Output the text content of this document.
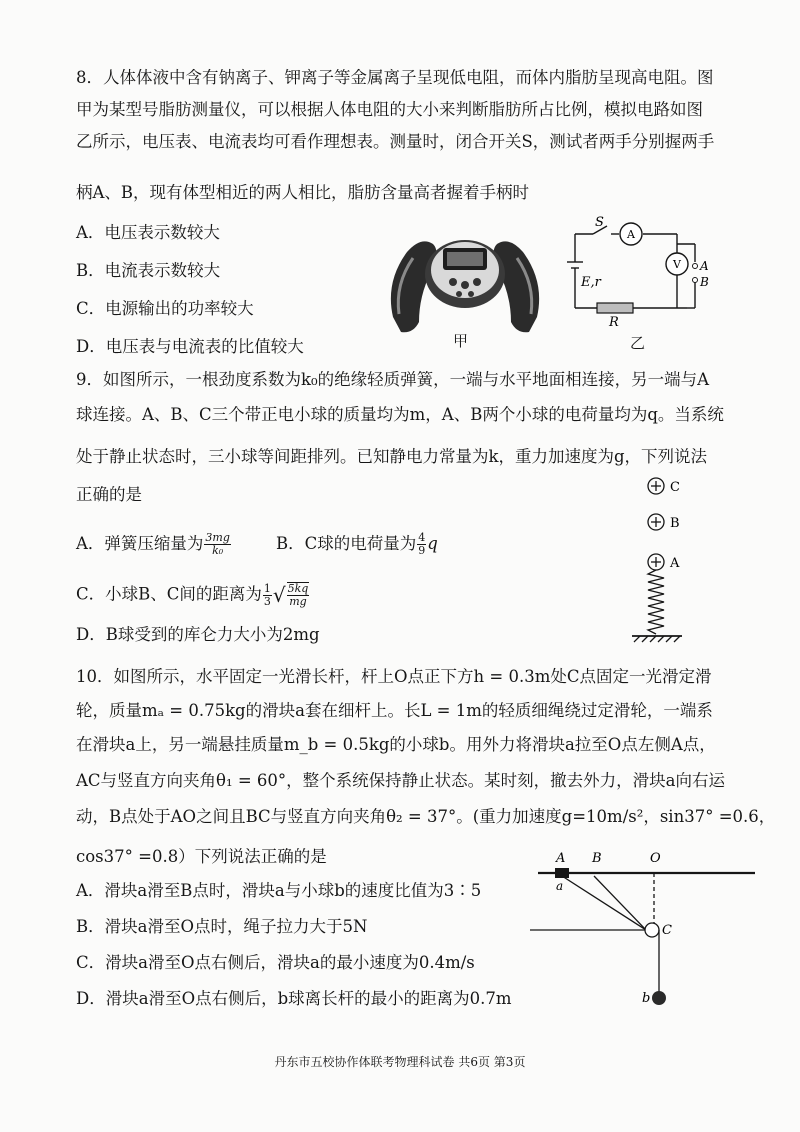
8．人体体液中含有钠离子、钾离子等金属离子呈现低电阻，而体内脂肪呈现高电阻。图
甲为某型号脂肪测量仪，可以根据人体电阻的大小来判断脂肪所占比例，模拟电路如图
乙所示，电压表、电流表均可看作理想表。测量时，闭合开关S，测试者两手分别握两手
柄A、B，现有体型相近的两人相比，脂肪含量高者握着手柄时
A．电压表示数较大
B．电流表示数较大
C．电源输出的功率较大
D．电压表与电流表的比值较大	甲
A
V
S
A
B
E,r
R
乙
9．如图所示，一根劲度系数为k₀的绝缘轻质弹簧，一端与水平地面相连接，另一端与A
球连接。A、B、C三个带正电小球的质量均为m，A、B两个小球的电荷量均为q。当系统
处于静止状态时，三小球等间距排列。已知静电力常量为k，重力加速度为g，下列说法
正确的是
A．弹簧压缩量为 $\frac{3mg}{\text{k₀}}$	B．C球的电荷量为 $\frac{4}{9}$ q
C．小球B、C间的距离为 $\frac{1}{3}$ √ $\frac{5kq}{mg}$
D．B球受到的库仑力大小为2mg
C
B
A
10．如图所示，水平固定一光滑长杆，杆上O点正下方h = 0.3m处C点固定一光滑定滑
轮，质量mₐ = 0.75kg的滑块a套在细杆上。长L = 1m的轻质细绳绕过定滑轮，一端系
在滑块a上，另一端悬挂质量m_b = 0.5kg的小球b。用外力将滑块a拉至O点左侧A点，
AC与竖直方向夹角θ₁ = 60°，整个系统保持静止状态。某时刻，撤去外力，滑块a向右运
动，B点处于AO之间且BC与竖直方向夹角θ₂ = 37°。(重力加速度g=10m/s²，sin37° =0.6，
cos37° =0.8）下列说法正确的是
A．滑块a滑至B点时，滑块a与小球b的速度比值为3∶5
B．滑块a滑至O点时，绳子拉力大于5N
C．滑块a滑至O点右侧后，滑块a的最小速度为0.4m/s
D．滑块a滑至O点右侧后，b球离长杆的最小的距离为0.7m
A B	O
a
C
b
丹东市五校协作体联考物理科试卷 共6页 第3页
